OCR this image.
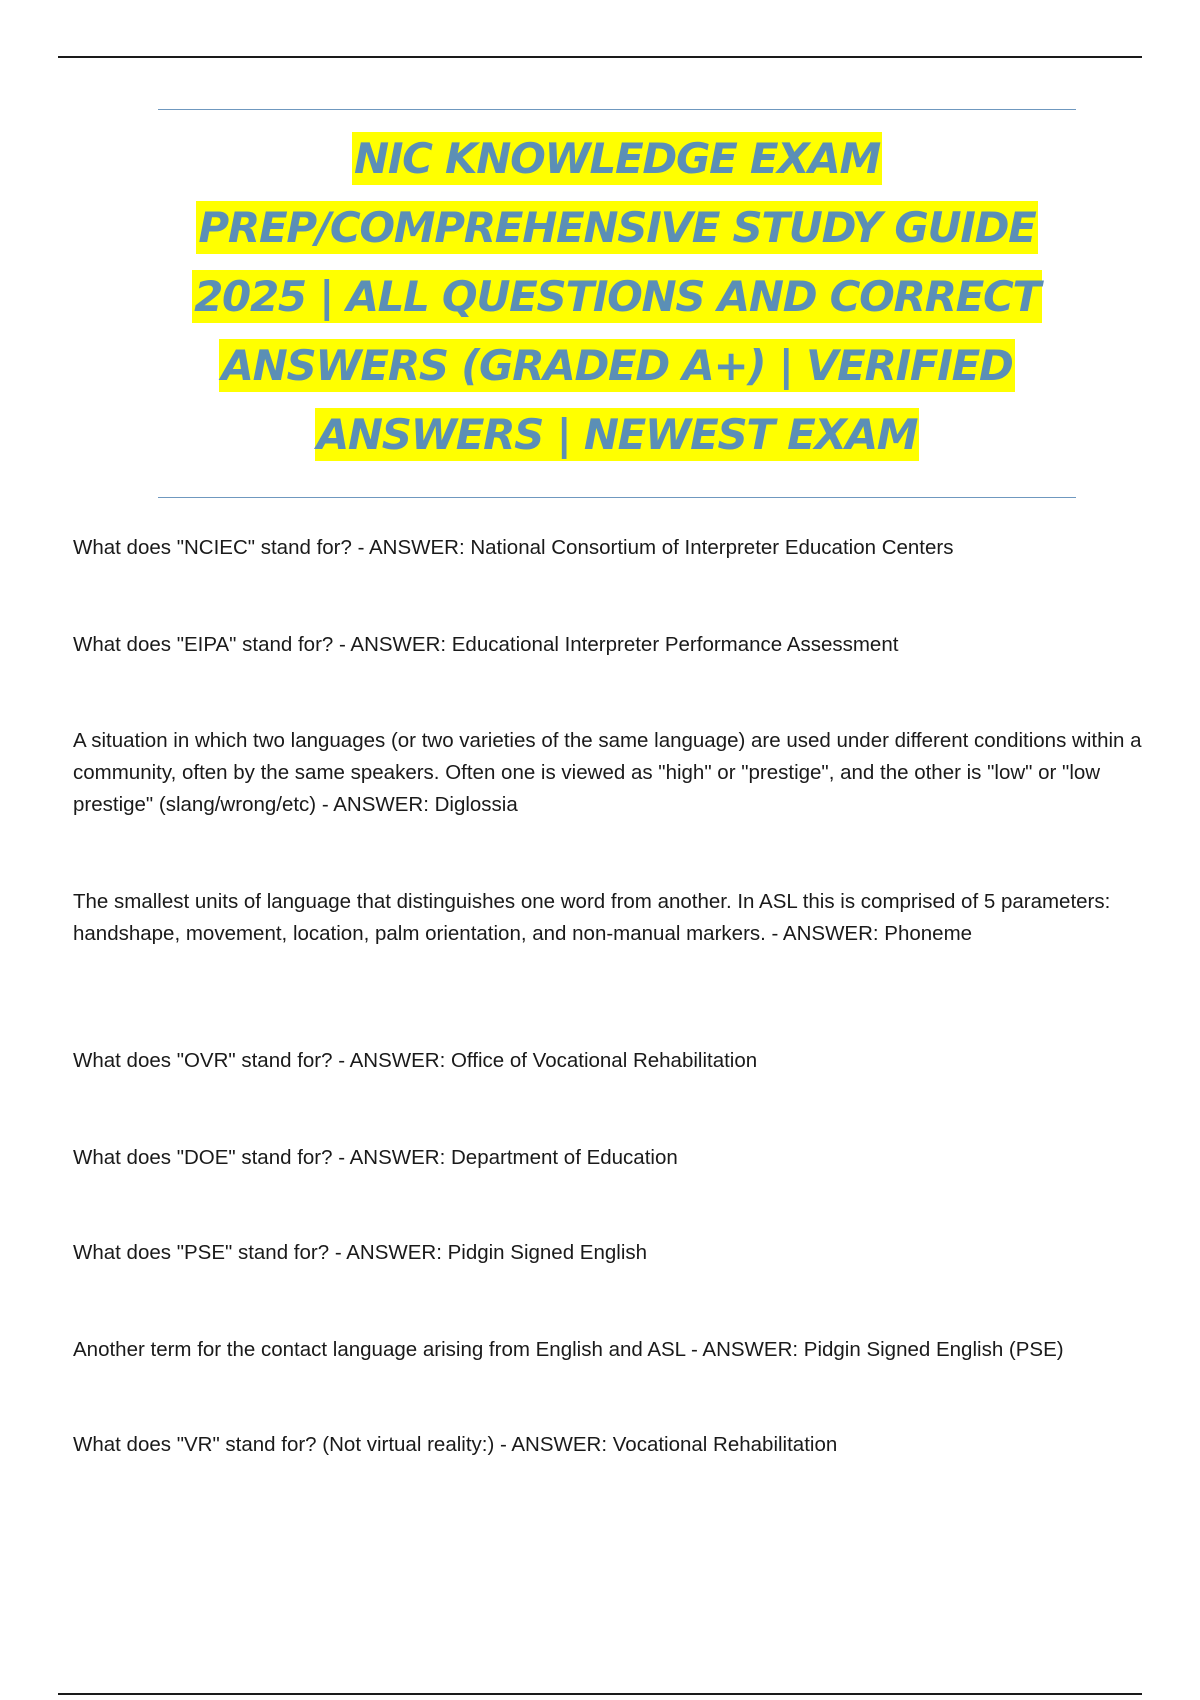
NIC KNOWLEDGE EXAM
PREP/COMPREHENSIVE STUDY GUIDE
2025 | ALL QUESTIONS AND CORRECT
ANSWERS (GRADED A+) | VERIFIED
ANSWERS | NEWEST EXAM
What does "NCIEC" stand for? - ANSWER: National Consortium of Interpreter Education Centers
What does "EIPA" stand for? - ANSWER: Educational Interpreter Performance Assessment
A situation in which two languages (or two varieties of the same language) are used under different conditions within a community, often by the same speakers. Often one is viewed as "high" or "prestige", and the other is "low" or "low prestige" (slang/wrong/etc) - ANSWER: Diglossia
The smallest units of language that distinguishes one word from another. In ASL this is comprised of 5 parameters: handshape, movement, location, palm orientation, and non-manual markers. - ANSWER: Phoneme
What does "OVR" stand for? - ANSWER: Office of Vocational Rehabilitation
What does "DOE" stand for? - ANSWER: Department of Education
What does "PSE" stand for? - ANSWER: Pidgin Signed English
Another term for the contact language arising from English and ASL - ANSWER: Pidgin Signed English (PSE)
What does "VR" stand for? (Not virtual reality:) - ANSWER: Vocational Rehabilitation
